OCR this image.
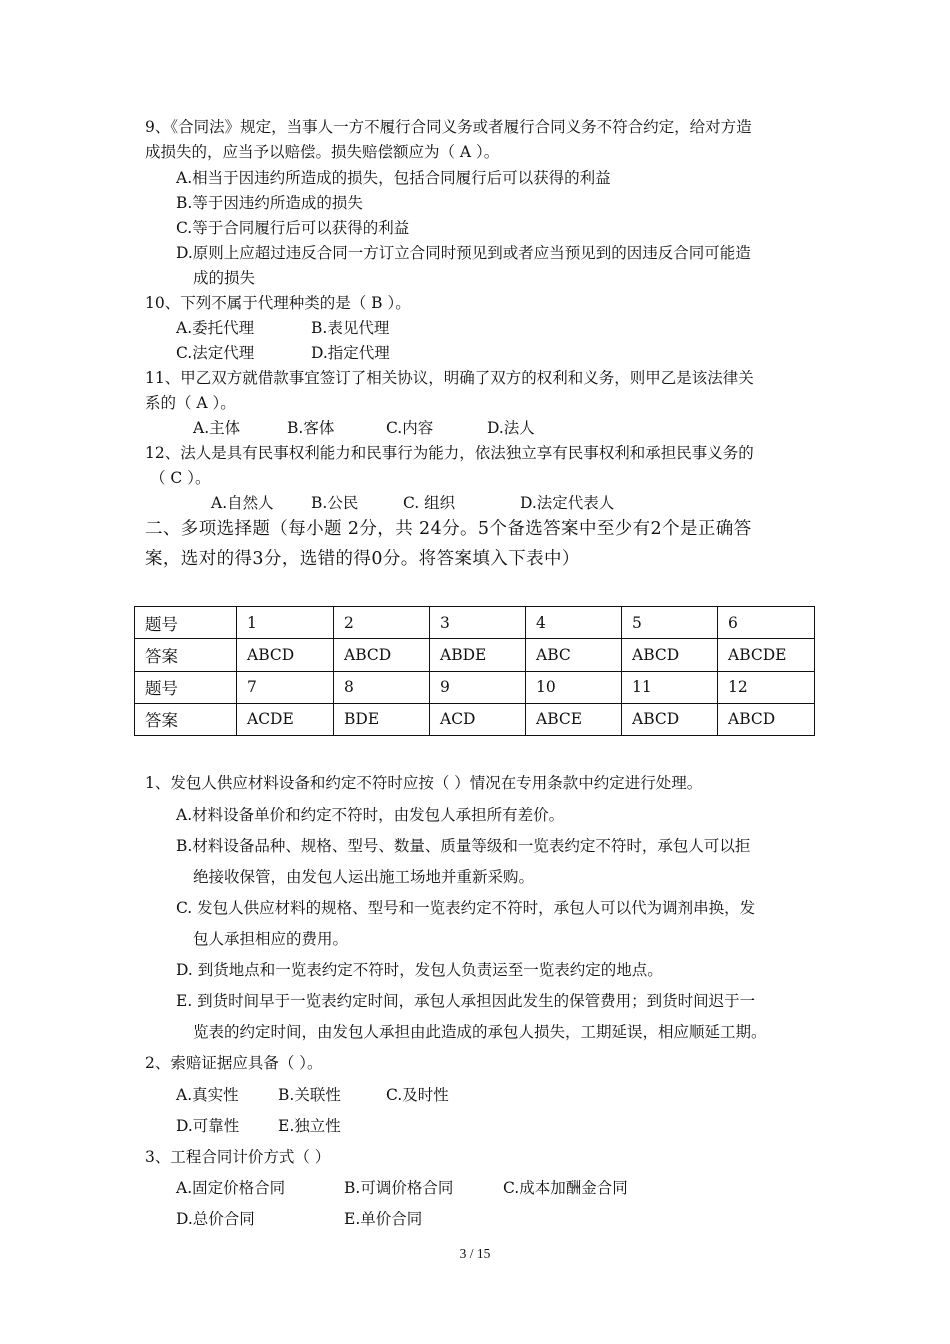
9、《合同法》规定，当事人一方不履行合同义务或者履行合同义务不符合约定，给对方造
成损失的，应当予以赔偿。损失赔偿额应为（ A ）。
A.相当于因违约所造成的损失，包括合同履行后可以获得的利益
B.等于因违约所造成的损失
C.等于合同履行后可以获得的利益
D.原则上应超过违反合同一方订立合同时预见到或者应当预见到的因违反合同可能造
成的损失
10、下列不属于代理种类的是（ B ）。
A.委托代理	B.表见代理
C.法定代理	D.指定代理
11、甲乙双方就借款事宜签订了相关协议，明确了双方的权利和义务，则甲乙是该法律关
系的（ A ）。
A.主体	B.客体	C.内容	D.法人
12、法人是具有民事权利能力和民事行为能力，依法独立享有民事权利和承担民事义务的
（ C ）。
A.自然人 B.公民	C. 组织	D.法定代表人
二、多项选择题（每小题 2分，共 24分。5个备选答案中至少有2个是正确答
案，选对的得3分，选错的得0分。将答案填入下表中）
题号	1	2	3	4	5	6
答案	ABCD	ABCD	ABDE	ABC	ABCD	ABCDE
题号	7	8	9	10	11	12
答案	ACDE	BDE	ACD	ABCE	ABCD	ABCD
1、发包人供应材料设备和约定不符时应按（ ）情况在专用条款中约定进行处理。
A.材料设备单价和约定不符时，由发包人承担所有差价。
B.材料设备品种、规格、型号、数量、质量等级和一览表约定不符时，承包人可以拒
绝接收保管，由发包人运出施工场地并重新采购。
C. 发包人供应材料的规格、型号和一览表约定不符时，承包人可以代为调剂串换，发
包人承担相应的费用。
D. 到货地点和一览表约定不符时，发包人负责运至一览表约定的地点。
E. 到货时间早于一览表约定时间，承包人承担因此发生的保管费用；到货时间迟于一
览表的约定时间，由发包人承担由此造成的承包人损失，工期延误，相应顺延工期。
2、索赔证据应具备（ ）。
A.真实性	B.关联性	C.及时性
D.可靠性 E.独立性
3、工程合同计价方式（ ）
A.固定价格合同	B.可调价格合同	C.成本加酬金合同
D.总价合同	E.单价合同
3 / 15
